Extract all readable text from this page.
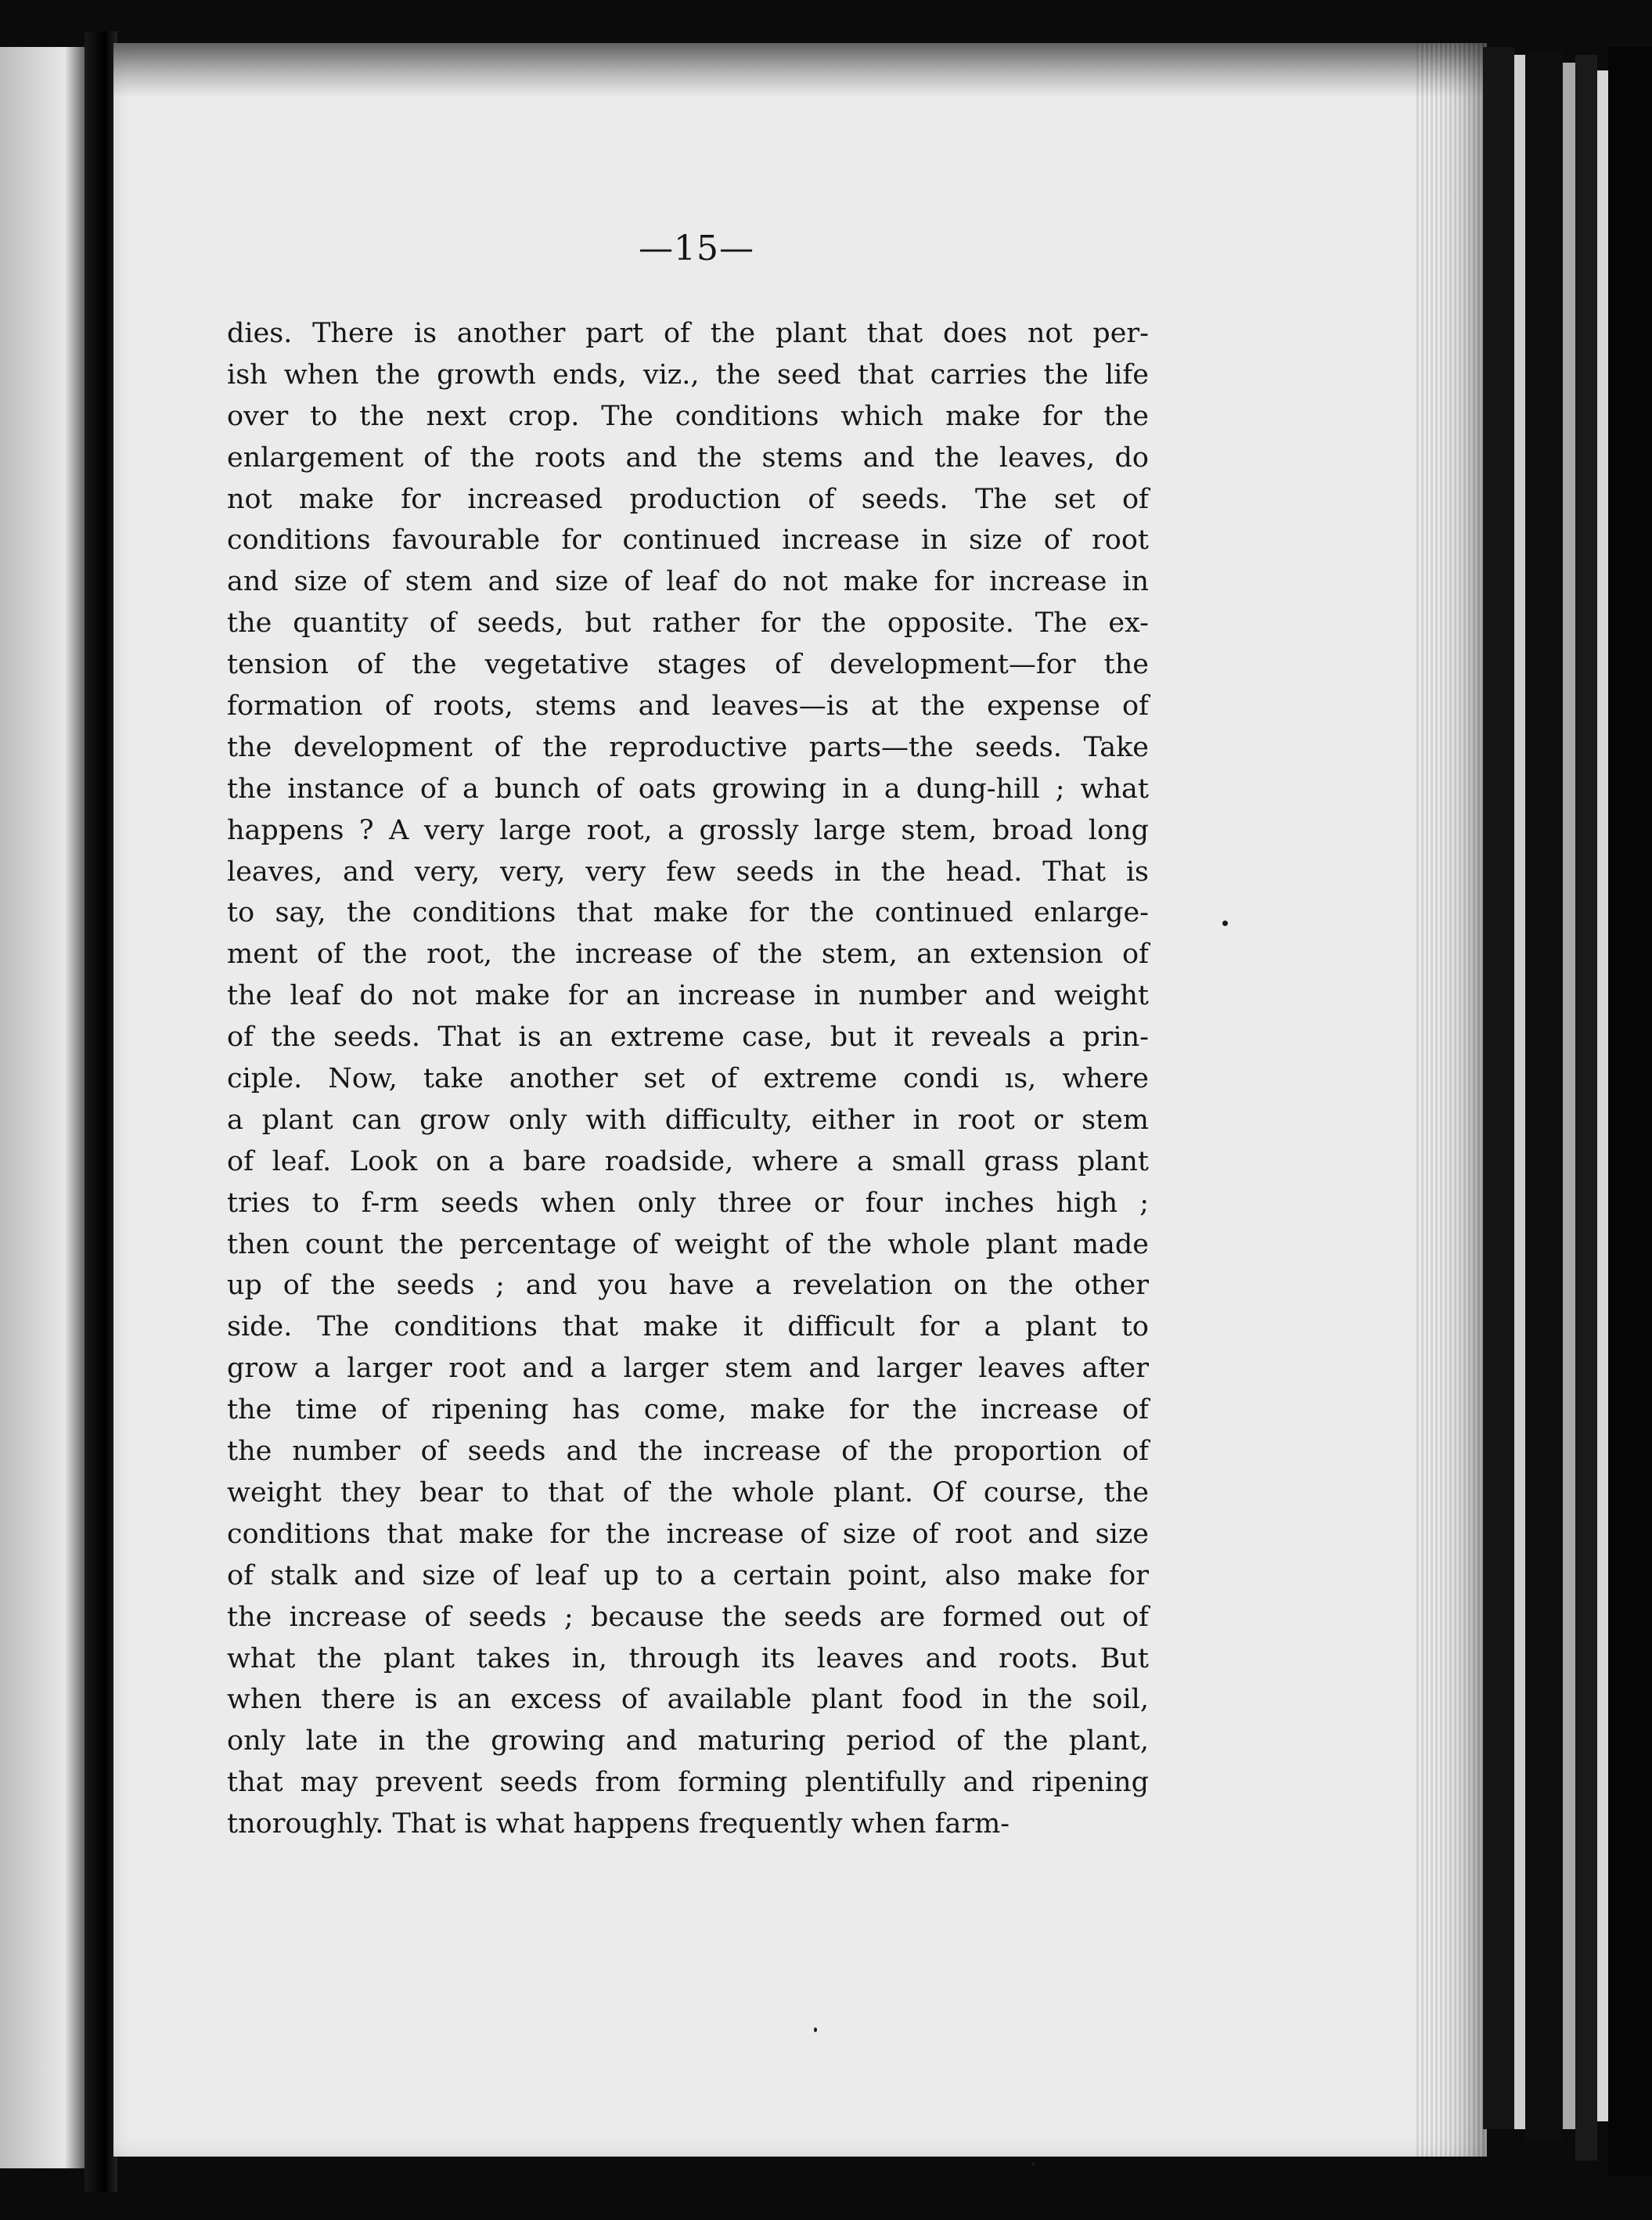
—15—
dies. There is another part of the plant that does not per-
ish when the growth ends, viz., the seed that carries the life
over to the next crop. The conditions which make for the
enlargement of the roots and the stems and the leaves, do
not make for increased production of seeds. The set of
conditions favourable for continued increase in size of root
and size of stem and size of leaf do not make for increase in
the quantity of seeds, but rather for the opposite. The ex-
tension of the vegetative stages of development—for the
formation of roots, stems and leaves—is at the expense of
the development of the reproductive parts—the seeds. Take
the instance of a bunch of oats growing in a dung-hill ; what
happens ? A very large root, a grossly large stem, broad long
leaves, and very, very, very few seeds in the head. That is
to say, the conditions that make for the continued enlarge-
ment of the root, the increase of the stem, an extension of
the leaf do not make for an increase in number and weight
of the seeds. That is an extreme case, but it reveals a prin-
ciple. Now, take another set of extreme condi ıs, where
a plant can grow only with difficulty, either in root or stem
of leaf. Look on a bare roadside, where a small grass plant
tries to f-rm seeds when only three or four inches high ;
then count the percentage of weight of the whole plant made
up of the seeds ; and you have a revelation on the other
side. The conditions that make it difficult for a plant to
grow a larger root and a larger stem and larger leaves after
the time of ripening has come, make for the increase of
the number of seeds and the increase of the proportion of
weight they bear to that of the whole plant. Of course, the
conditions that make for the increase of size of root and size
of stalk and size of leaf up to a certain point, also make for
the increase of seeds ; because the seeds are formed out of
what the plant takes in, through its leaves and roots. But
when there is an excess of available plant food in the soil,
only late in the growing and maturing period of the plant,
that may prevent seeds from forming plentifully and ripening
tnoroughly. That is what happens frequently when farm-
